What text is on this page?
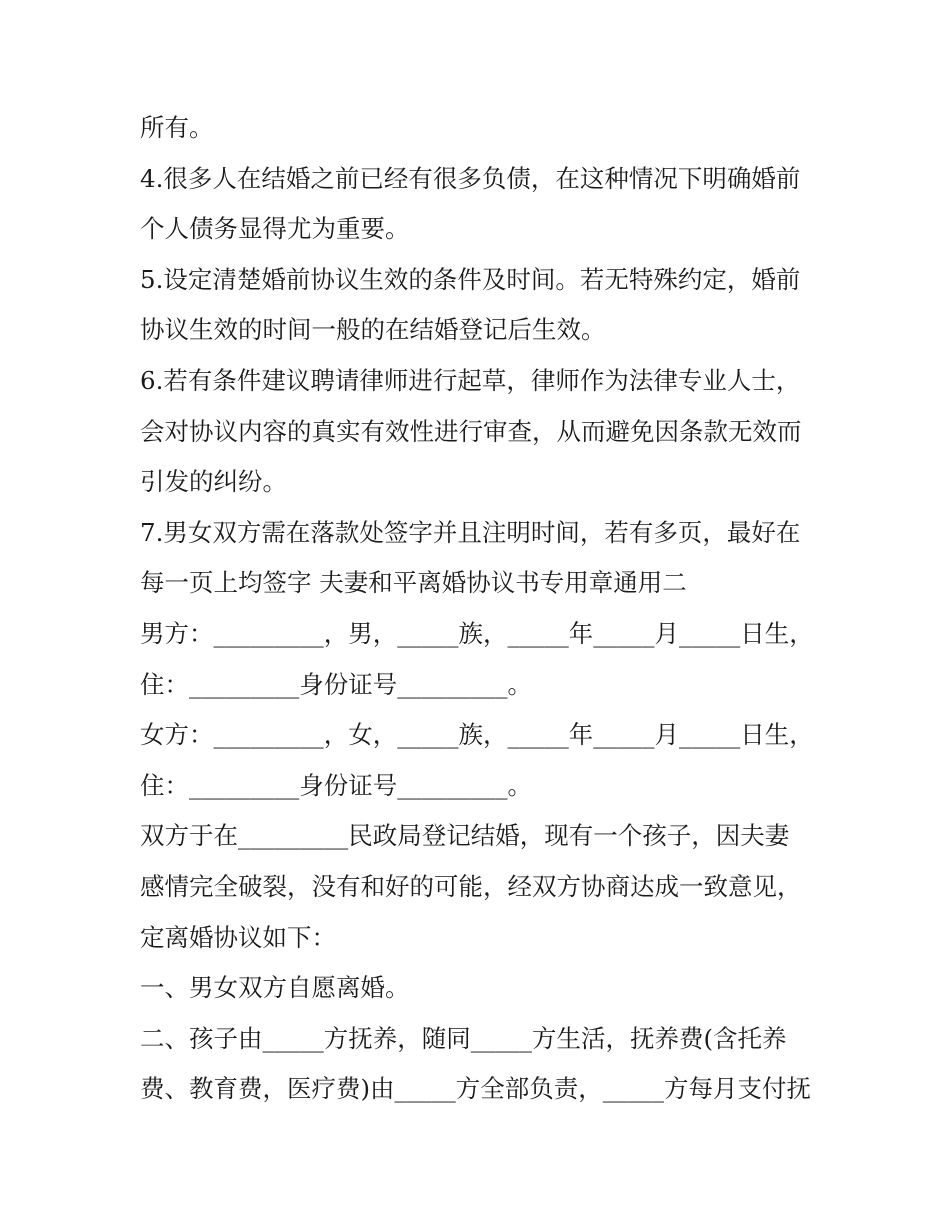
所有。

4.很多人在结婚之前已经有很多负债，在这种情况下明确婚前

个人债务显得尤为重要。

5.设定清楚婚前协议生效的条件及时间。若无特殊约定，婚前

协议生效的时间一般的在结婚登记后生效。

6.若有条件建议聘请律师进行起草，律师作为法律专业人士，

会对协议内容的真实有效性进行审查，从而避免因条款无效而

引发的纠纷。

7.男女双方需在落款处签字并且注明时间，若有多页，最好在

每一页上均签字 夫妻和平离婚协议书专用章通用二

男方：_________，男，_____族，_____年_____月_____日生，

住：_________身份证号_________。

女方：_________，女，_____族，_____年_____月_____日生，

住：_________身份证号_________。

双方于在_________民政局登记结婚，现有一个孩子，因夫妻

感情完全破裂，没有和好的可能，经双方协商达成一致意见，

定离婚协议如下：

一、男女双方自愿离婚。

二、孩子由_____方抚养，随同_____方生活，抚养费(含托养

费、教育费，医疗费)由_____方全部负责，_____方每月支付抚
